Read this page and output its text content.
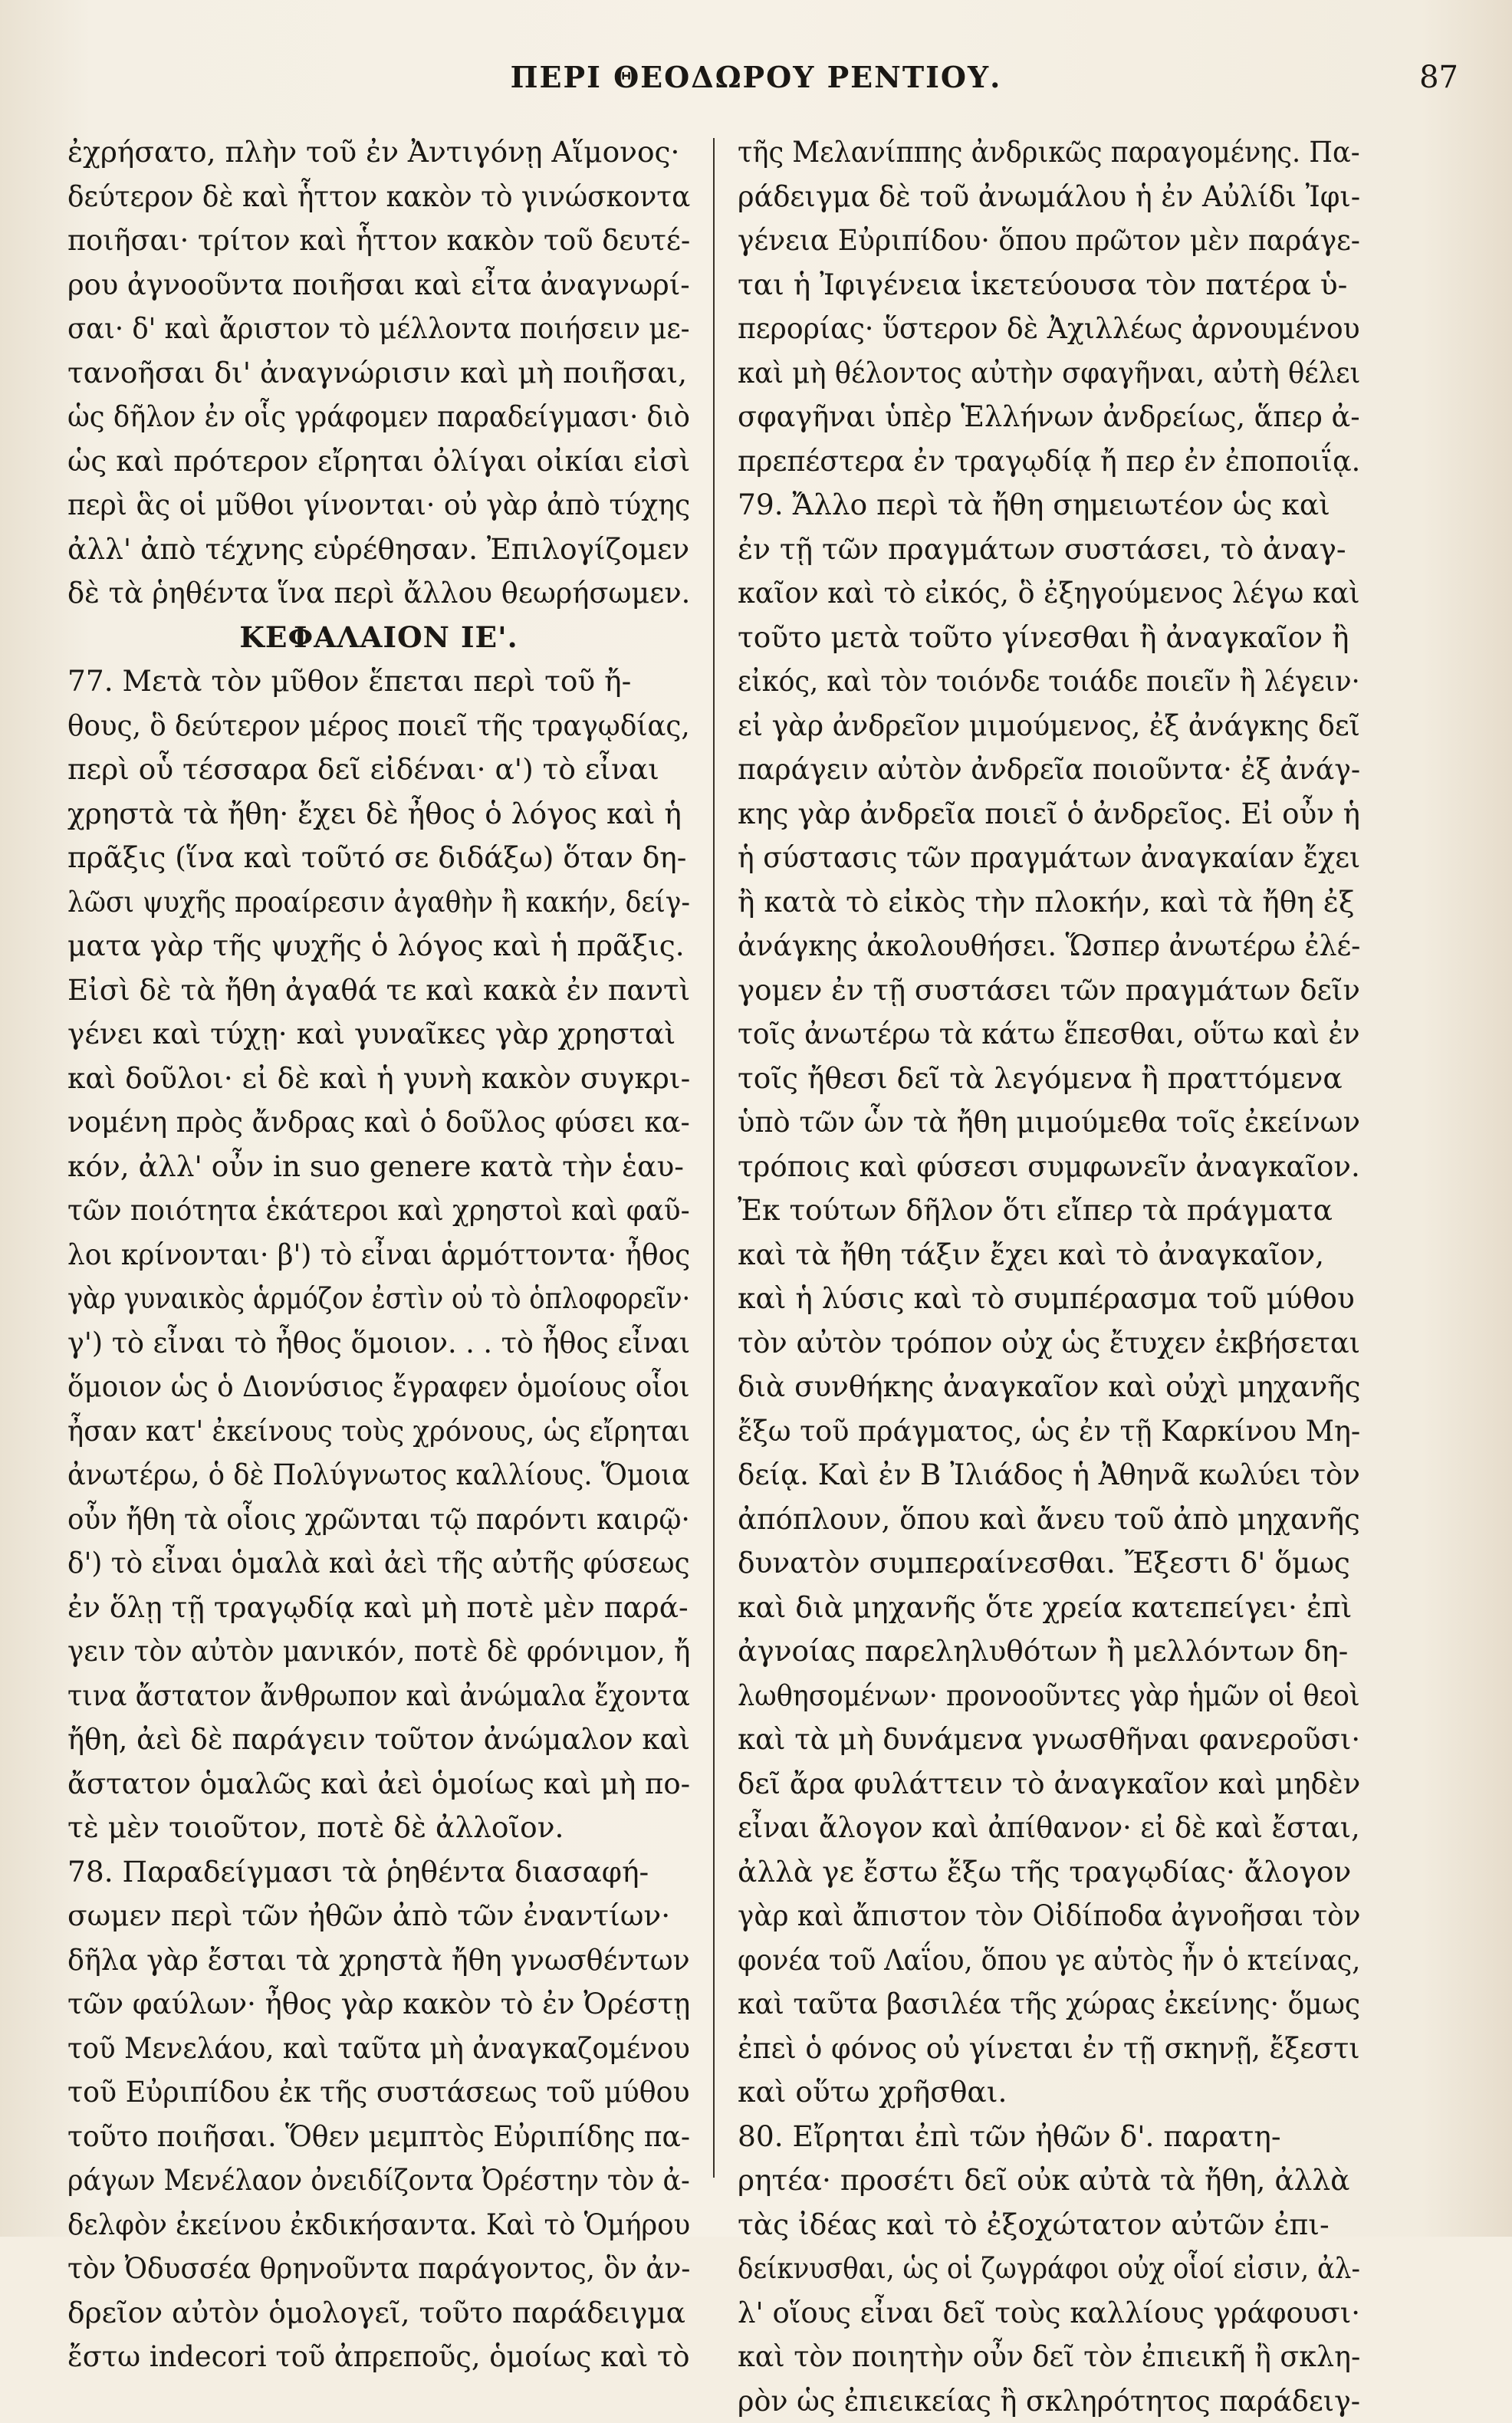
ΠΕΡΙ ΘΕΟΔΩΡΟΥ ΡΕΝΤΙΟΥ.	87
ἐχρήσατο, πλὴν τοῦ ἐν Ἀντιγόνῃ Αἵμονος·
δεύτερον δὲ καὶ ἧττον κακὸν τὸ γινώσκοντα
ποιῆσαι· τρίτον καὶ ἧττον κακὸν τοῦ δευτέ-
ρου ἀγνοοῦντα ποιῆσαι καὶ εἶτα ἀναγνωρί-
σαι· δ' καὶ ἄριστον τὸ μέλλοντα ποιήσειν με-
τανοῆσαι δι' ἀναγνώρισιν καὶ μὴ ποιῆσαι,
ὡς δῆλον ἐν οἷς γράφομεν παραδείγμασι· διὸ
ὡς καὶ πρότερον εἴρηται ὀλίγαι οἰκίαι εἰσὶ
περὶ ἃς οἱ μῦθοι γίνονται· οὐ γὰρ ἀπὸ τύχης
ἀλλ' ἀπὸ τέχνης εὑρέθησαν. Ἐπιλογίζομεν
δὲ τὰ ῥηθέντα ἵνα περὶ ἄλλου θεωρήσωμεν.
ΚΕΦΑΛΑΙΟΝ ΙΕ'.
77. Μετὰ τὸν μῦθον ἕπεται περὶ τοῦ ἤ-
θους, ὃ δεύτερον μέρος ποιεῖ τῆς τραγῳδίας,
περὶ οὗ τέσσαρα δεῖ εἰδέναι· α') τὸ εἶναι
χρηστὰ τὰ ἤθη· ἔχει δὲ ἦθος ὁ λόγος καὶ ἡ
πρᾶξις (ἵνα καὶ τοῦτό σε διδάξω) ὅταν δη-
λῶσι ψυχῆς προαίρεσιν ἀγαθὴν ἢ κακήν, δείγ-
ματα γὰρ τῆς ψυχῆς ὁ λόγος καὶ ἡ πρᾶξις.
Εἰσὶ δὲ τὰ ἤθη ἀγαθά τε καὶ κακὰ ἐν παντὶ
γένει καὶ τύχῃ· καὶ γυναῖκες γὰρ χρησταὶ
καὶ δοῦλοι· εἰ δὲ καὶ ἡ γυνὴ κακὸν συγκρι-
νομένη πρὸς ἄνδρας καὶ ὁ δοῦλος φύσει κα-
κόν, ἀλλ' οὖν in suo genere κατὰ τὴν ἑαυ-
τῶν ποιότητα ἑκάτεροι καὶ χρηστοὶ καὶ φαῦ-
λοι κρίνονται· β') τὸ εἶναι ἁρμόττοντα· ἦθος
γὰρ γυναικὸς ἁρμόζον ἐστὶν οὐ τὸ ὁπλοφορεῖν·
γ') τὸ εἶναι τὸ ἦθος ὅμοιον. . . τὸ ἦθος εἶναι
ὅμοιον ὡς ὁ Διονύσιος ἔγραφεν ὁμοίους οἷοι
ἦσαν κατ' ἐκείνους τοὺς χρόνους, ὡς εἴρηται
ἀνωτέρω, ὁ δὲ Πολύγνωτος καλλίους. Ὅμοια
οὖν ἤθη τὰ οἷοις χρῶνται τῷ παρόντι καιρῷ·
δ') τὸ εἶναι ὁμαλὰ καὶ ἀεὶ τῆς αὐτῆς φύσεως
ἐν ὅλῃ τῇ τραγῳδίᾳ καὶ μὴ ποτὲ μὲν παρά-
γειν τὸν αὐτὸν μανικόν, ποτὲ δὲ φρόνιμον, ἤ
τινα ἄστατον ἄνθρωπον καὶ ἀνώμαλα ἔχοντα
ἤθη, ἀεὶ δὲ παράγειν τοῦτον ἀνώμαλον καὶ
ἄστατον ὁμαλῶς καὶ ἀεὶ ὁμοίως καὶ μὴ πο-
τὲ μὲν τοιοῦτον, ποτὲ δὲ ἀλλοῖον.
78. Παραδείγμασι τὰ ῥηθέντα διασαφή-
σωμεν περὶ τῶν ἠθῶν ἀπὸ τῶν ἐναντίων·
δῆλα γὰρ ἔσται τὰ χρηστὰ ἤθη γνωσθέντων
τῶν φαύλων· ἦθος γὰρ κακὸν τὸ ἐν Ὀρέστῃ
τοῦ Μενελάου, καὶ ταῦτα μὴ ἀναγκαζομένου
τοῦ Εὐριπίδου ἐκ τῆς συστάσεως τοῦ μύθου
τοῦτο ποιῆσαι. Ὅθεν μεμπτὸς Εὐριπίδης πα-
ράγων Μενέλαον ὀνειδίζοντα Ὀρέστην τὸν ἀ-
δελφὸν ἐκείνου ἐκδικήσαντα. Καὶ τὸ Ὁμήρου
τὸν Ὀδυσσέα θρηνοῦντα παράγοντος, ὃν ἀν-
δρεῖον αὐτὸν ὁμολογεῖ, τοῦτο παράδειγμα
ἔστω indecori τοῦ ἀπρεποῦς, ὁμοίως καὶ τὸ
τῆς Μελανίππης ἀνδρικῶς παραγομένης. Πα-
ράδειγμα δὲ τοῦ ἀνωμάλου ἡ ἐν Αὐλίδι Ἰφι-
γένεια Εὐριπίδου· ὅπου πρῶτον μὲν παράγε-
ται ἡ Ἰφιγένεια ἱκετεύουσα τὸν πατέρα ὑ-
περορίας· ὕστερον δὲ Ἀχιλλέως ἀρνουμένου
καὶ μὴ θέλοντος αὐτὴν σφαγῆναι, αὐτὴ θέλει
σφαγῆναι ὑπὲρ Ἑλλήνων ἀνδρείως, ἅπερ ἀ-
πρεπέστερα ἐν τραγῳδίᾳ ἤ περ ἐν ἐποποιΐᾳ.
79. Ἄλλο περὶ τὰ ἤθη σημειωτέον ὡς καὶ
ἐν τῇ τῶν πραγμάτων συστάσει, τὸ ἀναγ-
καῖον καὶ τὸ εἰκός, ὃ ἐξηγούμενος λέγω καὶ
τοῦτο μετὰ τοῦτο γίνεσθαι ἢ ἀναγκαῖον ἢ
εἰκός, καὶ τὸν τοιόνδε τοιάδε ποιεῖν ἢ λέγειν·
εἰ γὰρ ἀνδρεῖον μιμούμενος, ἐξ ἀνάγκης δεῖ
παράγειν αὐτὸν ἀνδρεῖα ποιοῦντα· ἐξ ἀνάγ-
κης γὰρ ἀνδρεῖα ποιεῖ ὁ ἀνδρεῖος. Εἰ οὖν ἡ
ἡ σύστασις τῶν πραγμάτων ἀναγκαίαν ἔχει
ἢ κατὰ τὸ εἰκὸς τὴν πλοκήν, καὶ τὰ ἤθη ἐξ
ἀνάγκης ἀκολουθήσει. Ὥσπερ ἀνωτέρω ἐλέ-
γομεν ἐν τῇ συστάσει τῶν πραγμάτων δεῖν
τοῖς ἀνωτέρω τὰ κάτω ἕπεσθαι, οὕτω καὶ ἐν
τοῖς ἤθεσι δεῖ τὰ λεγόμενα ἢ πραττόμενα
ὑπὸ τῶν ὧν τὰ ἤθη μιμούμεθα τοῖς ἐκείνων
τρόποις καὶ φύσεσι συμφωνεῖν ἀναγκαῖον.
Ἐκ τούτων δῆλον ὅτι εἴπερ τὰ πράγματα
καὶ τὰ ἤθη τάξιν ἔχει καὶ τὸ ἀναγκαῖον,
καὶ ἡ λύσις καὶ τὸ συμπέρασμα τοῦ μύθου
τὸν αὐτὸν τρόπον οὐχ ὡς ἔτυχεν ἐκβήσεται
διὰ συνθήκης ἀναγκαῖον καὶ οὐχὶ μηχανῆς
ἔξω τοῦ πράγματος, ὡς ἐν τῇ Καρκίνου Μη-
δείᾳ. Καὶ ἐν Β Ἰλιάδος ἡ Ἀθηνᾶ κωλύει τὸν
ἀπόπλουν, ὅπου καὶ ἄνευ τοῦ ἀπὸ μηχανῆς
δυνατὸν συμπεραίνεσθαι. Ἔξεστι δ' ὅμως
καὶ διὰ μηχανῆς ὅτε χρεία κατεπείγει· ἐπὶ
ἀγνοίας παρεληλυθότων ἢ μελλόντων δη-
λωθησομένων· προνοοῦντες γὰρ ἡμῶν οἱ θεοὶ
καὶ τὰ μὴ δυνάμενα γνωσθῆναι φανεροῦσι·
δεῖ ἄρα φυλάττειν τὸ ἀναγκαῖον καὶ μηδὲν
εἶναι ἄλογον καὶ ἀπίθανον· εἰ δὲ καὶ ἔσται,
ἀλλὰ γε ἔστω ἔξω τῆς τραγῳδίας· ἄλογον
γὰρ καὶ ἄπιστον τὸν Οἰδίποδα ἀγνοῆσαι τὸν
φονέα τοῦ Λαΐου, ὅπου γε αὐτὸς ἦν ὁ κτείνας,
καὶ ταῦτα βασιλέα τῆς χώρας ἐκείνης· ὅμως
ἐπεὶ ὁ φόνος οὐ γίνεται ἐν τῇ σκηνῇ, ἔξεστι
καὶ οὕτω χρῆσθαι.
80. Εἴρηται ἐπὶ τῶν ἠθῶν δ'. παρατη-
ρητέα· προσέτι δεῖ οὐκ αὐτὰ τὰ ἤθη, ἀλλὰ
τὰς ἰδέας καὶ τὸ ἐξοχώτατον αὐτῶν ἐπι-
δείκνυσθαι, ὡς οἱ ζωγράφοι οὐχ οἷοί εἰσιν, ἀλ-
λ' οἵους εἶναι δεῖ τοὺς καλλίους γράφουσι·
καὶ τὸν ποιητὴν οὖν δεῖ τὸν ἐπιεικῆ ἢ σκλη-
ρὸν ὡς ἐπιεικείας ἢ σκληρότητος παράδειγ-
